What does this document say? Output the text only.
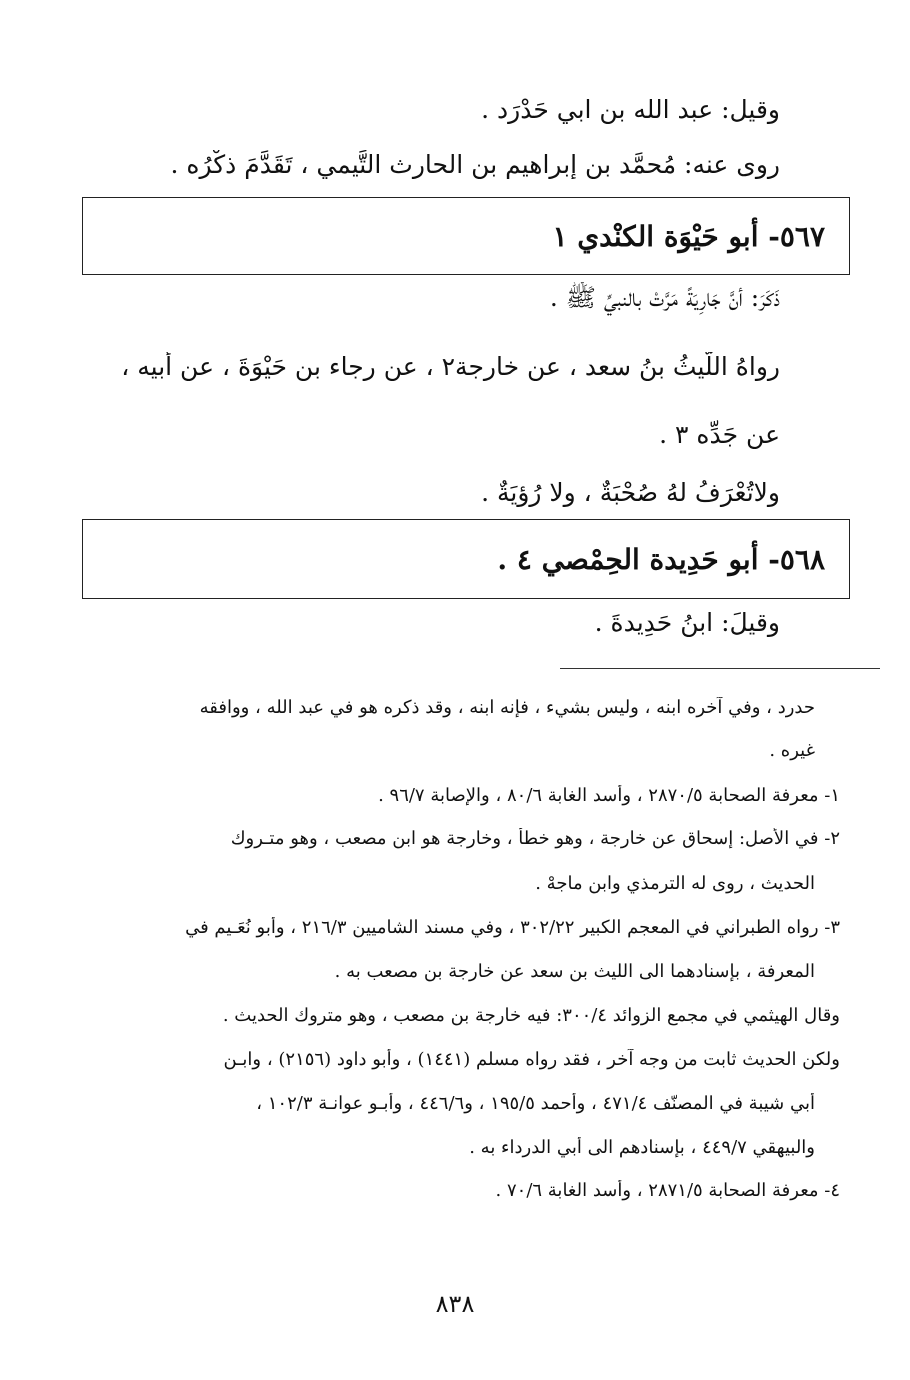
وقيل: عبد الله بن ابي حَدْرَد .
روى عنه: مُحمَّد بن إبراهيم بن الحارث التَّيمي ، تَقَدَّمَ ذكْرُه .
٥٦٧- أبو حَيْوَة الكنْدي ١
ذَكَرَ: أنَّ جَارِيَةً مَرَّتْ بالنبيِّ ﷺ .
رواهُ اللَّيثُ بنُ سعد ، عن خارجة٢ ، عن رجاء بن حَيْوَةَ ، عن أبيه ،
عن جَدِّه ٣ .
ولاتُعْرَفُ لهُ صُحْبَةٌ ، ولا رُؤيَةٌ .
٥٦٨- أبو حَدِيدة الحِمْصي ٤ .
وقيلَ: ابنُ حَدِيدةَ .
حدرد ، وفي آخره ابنه ، وليس بشيء ، فإنه ابنه ، وقد ذكره هو في عبد الله ، ووافقه
غيره .
١- معرفة الصحابة ٢٨٧٠/٥ ، وأُسد الغابة ٨٠/٦ ، والإصابة ٩٦/٧ .
٢- في الأصل: إسحاق عن خارجة ، وهو خطأ ، وخارجة هو ابن مصعب ، وهو متـروك
الحديث ، روى له الترمذي وابن ماجهْ .
٣- رواه الطبراني في المعجم الكبير ٣٠٢/٢٢ ، وفي مسند الشاميين ٢١٦/٣ ، وأبو نُعَـيم في
المعرفة ، بإسنادهما الى الليث بن سعد عن خارجة بن مصعب به .
وقال الهيثمي في مجمع الزوائد ٣٠٠/٤: فيه خارجة بن مصعب ، وهو متروك الحديث .
ولكن الحديث ثابت من وجه آخر ، فقد رواه مسلم (١٤٤١) ، وأبو داود (٢١٥٦) ، وابـن
أبي شيبة في المصنّف ٤٧١/٤ ، وأحمد ١٩٥/٥ ، و٤٤٦/٦ ، وأبـو عوانـة ١٠٢/٣ ،
والبيهقي ٤٤٩/٧ ، بإسنادهم الى أبي الدرداء به .
٤- معرفة الصحابة ٢٨٧١/٥ ، وأسد الغابة ٧٠/٦ .
٨٣٨
